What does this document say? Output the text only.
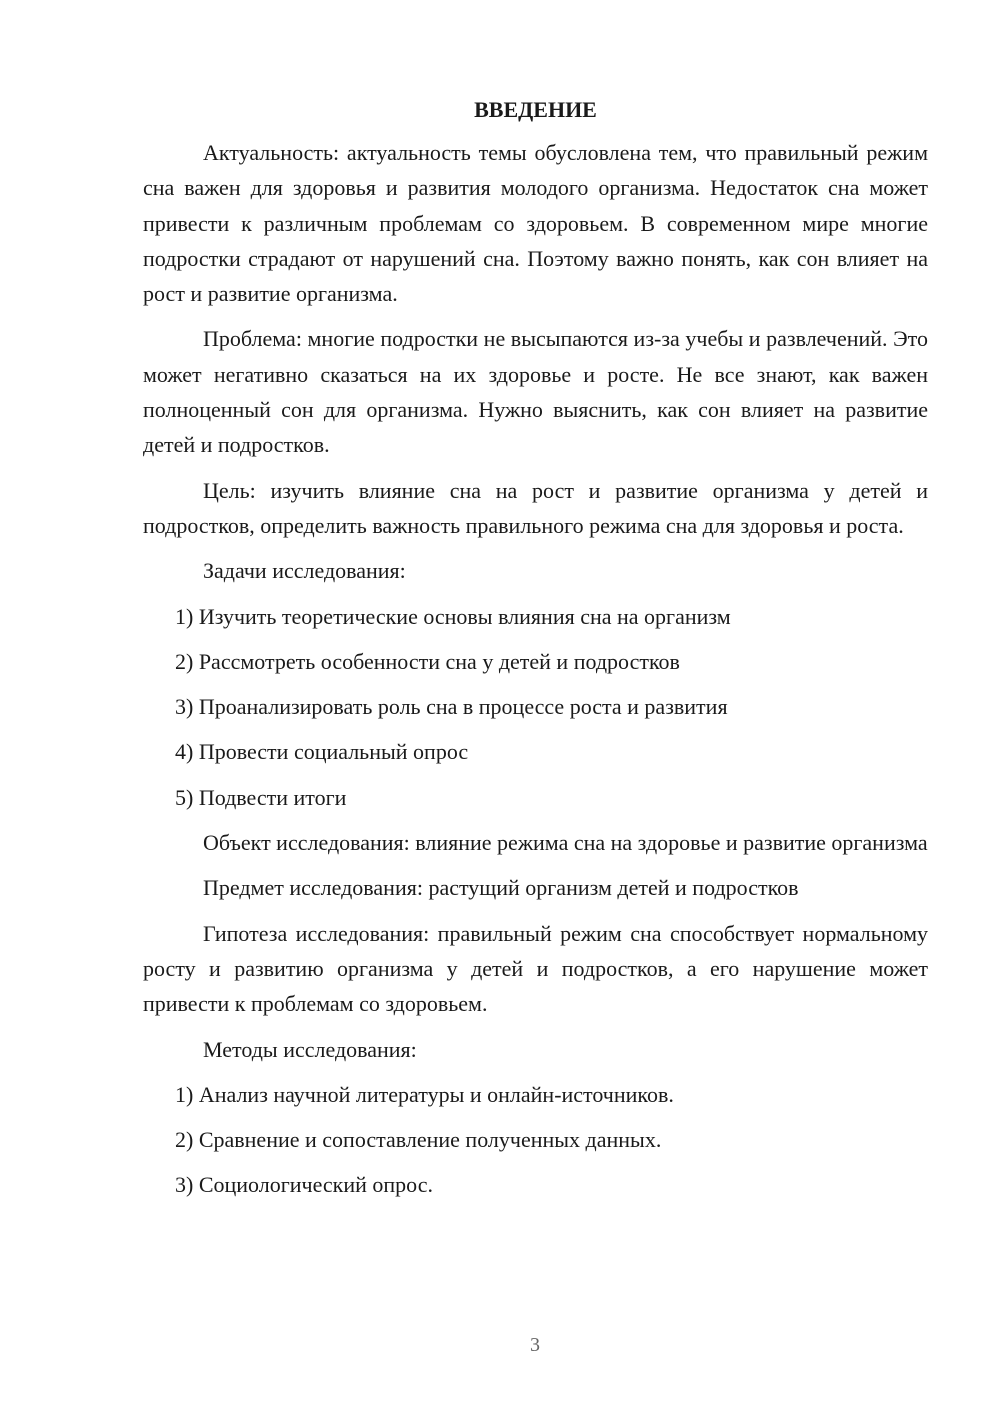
ВВЕДЕНИЕ

Актуальность: актуальность темы обусловлена тем, что правильный режим сна важен для здоровья и развития молодого организма. Недостаток сна может привести к различным проблемам со здоровьем. В современном мире многие подростки страдают от нарушений сна. Поэтому важно понять, как сон влияет на рост и развитие организма.

Проблема: многие подростки не высыпаются из-за учебы и развлечений. Это может негативно сказаться на их здоровье и росте. Не все знают, как важен полноценный сон для организма. Нужно выяснить, как сон влияет на развитие детей и подростков.

Цель: изучить влияние сна на рост и развитие организма у детей и подростков, определить важность правильного режима сна для здоровья и роста.

Задачи исследования:

1) Изучить теоретические основы влияния сна на организм
2) Рассмотреть особенности сна у детей и подростков
3) Проанализировать роль сна в процессе роста и развития
4) Провести социальный опрос
5) Подвести итоги

Объект исследования: влияние режима сна на здоровье и развитие организма

Предмет исследования: растущий организм детей и подростков

Гипотеза исследования: правильный режим сна способствует нормальному росту и развитию организма у детей и подростков, а его нарушение может привести к проблемам со здоровьем.

Методы исследования:

1) Анализ научной литературы и онлайн-источников.
2) Сравнение и сопоставление полученных данных.
3) Социологический опрос.
3
